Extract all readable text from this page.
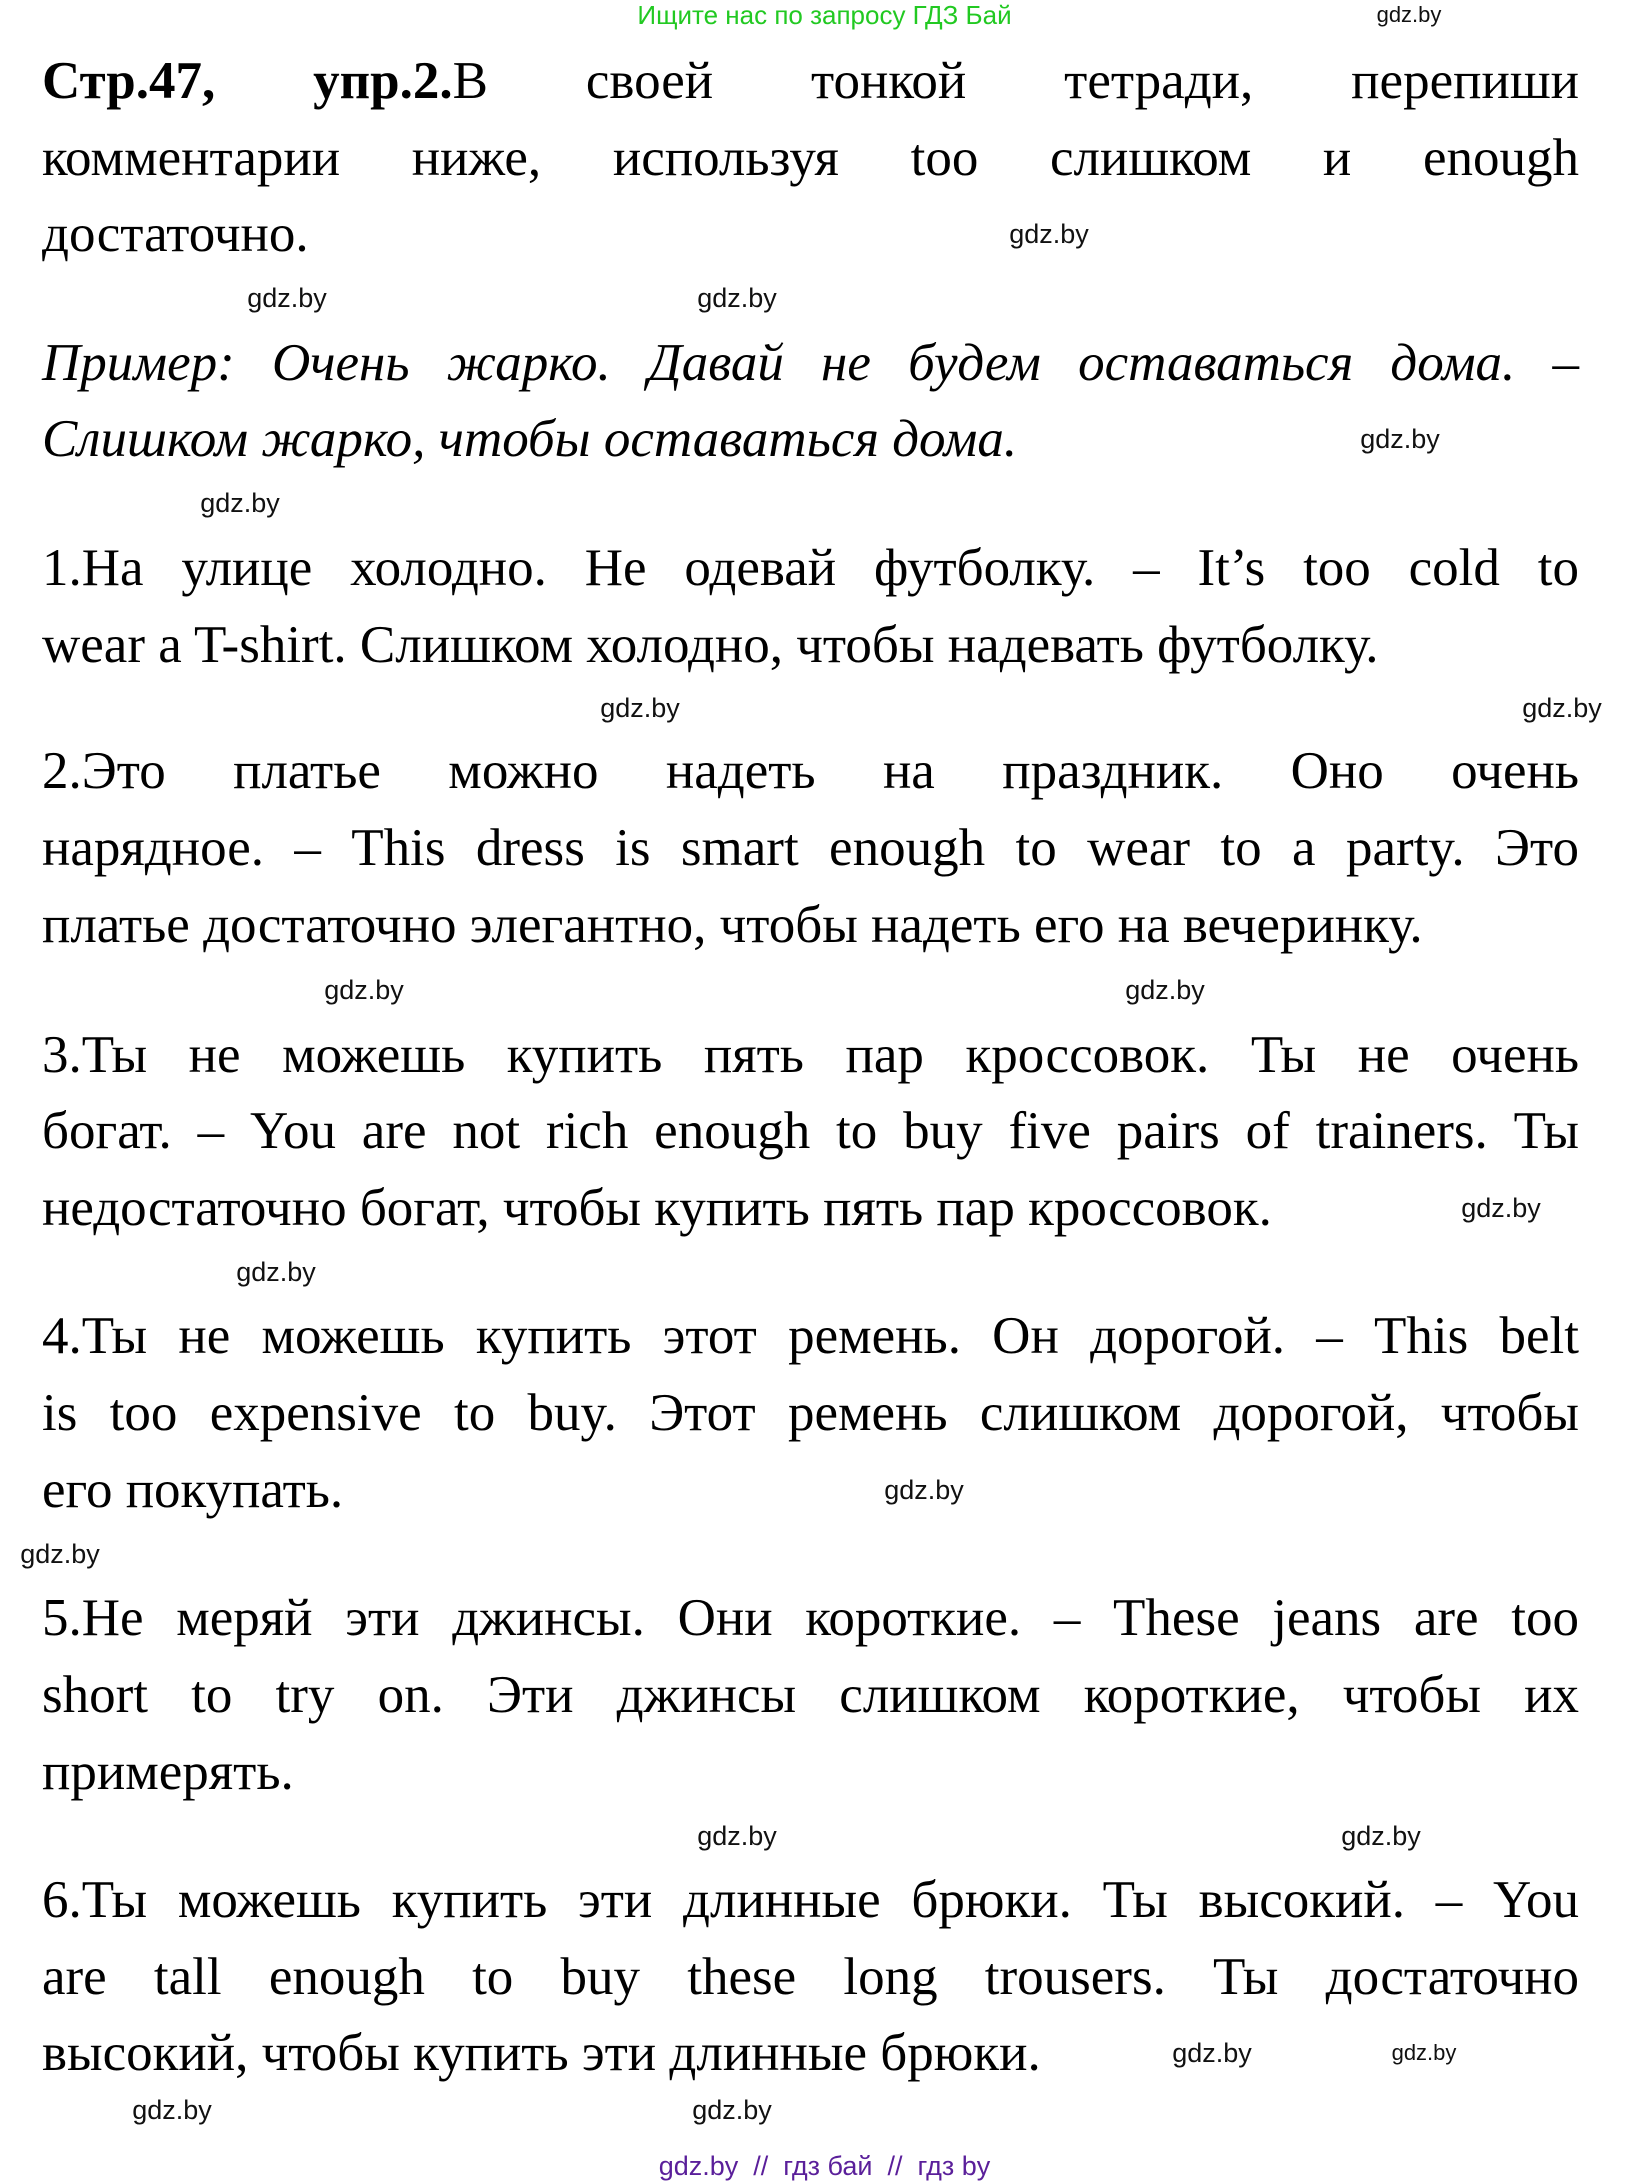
Ищите нас по запросу ГДЗ Бай
Стр.47, упр.2.В своей тонкой тетради, перепиши
комментарии ниже, используя too слишком и enough
достаточно.
Пример: Очень жарко. Давай не будем оставаться дома. –
Слишком жарко, чтобы оставаться дома.
1.На улице холодно. Не одевай футболку. – It’s too cold to
wear a T-shirt. Слишком холодно, чтобы надевать футболку.
2.Это платье можно надеть на праздник. Оно очень
нарядное. – This dress is smart enough to wear to a party. Это
платье достаточно элегантно, чтобы надеть его на вечеринку.
3.Ты не можешь купить пять пар кроссовок. Ты не очень
богат. – You are not rich enough to buy five pairs of trainers. Ты
недостаточно богат, чтобы купить пять пар кроссовок.
4.Ты не можешь купить этот ремень. Он дорогой. – This belt
is too expensive to buy. Этот ремень слишком дорогой, чтобы
его покупать.
5.Не меряй эти джинсы. Они короткие. – These jeans are too
short to try on. Эти джинсы слишком короткие, чтобы их
примерять.
6.Ты можешь купить эти длинные брюки. Ты высокий. – You
are tall enough to buy these long trousers. Ты достаточно
высокий, чтобы купить эти длинные брюки.
gdz.by
gdz.by
gdz.by
gdz.by
gdz.by
gdz.by
gdz.by
gdz.by
gdz.by	gdz.by
gdz.by
gdz.by
gdz.by
gdz.by
gdz.by
gdz.by
gdz.by
gdz.by
gdz.by
gdz.by
gdz.by  //  гдз бай  //  гдз by
